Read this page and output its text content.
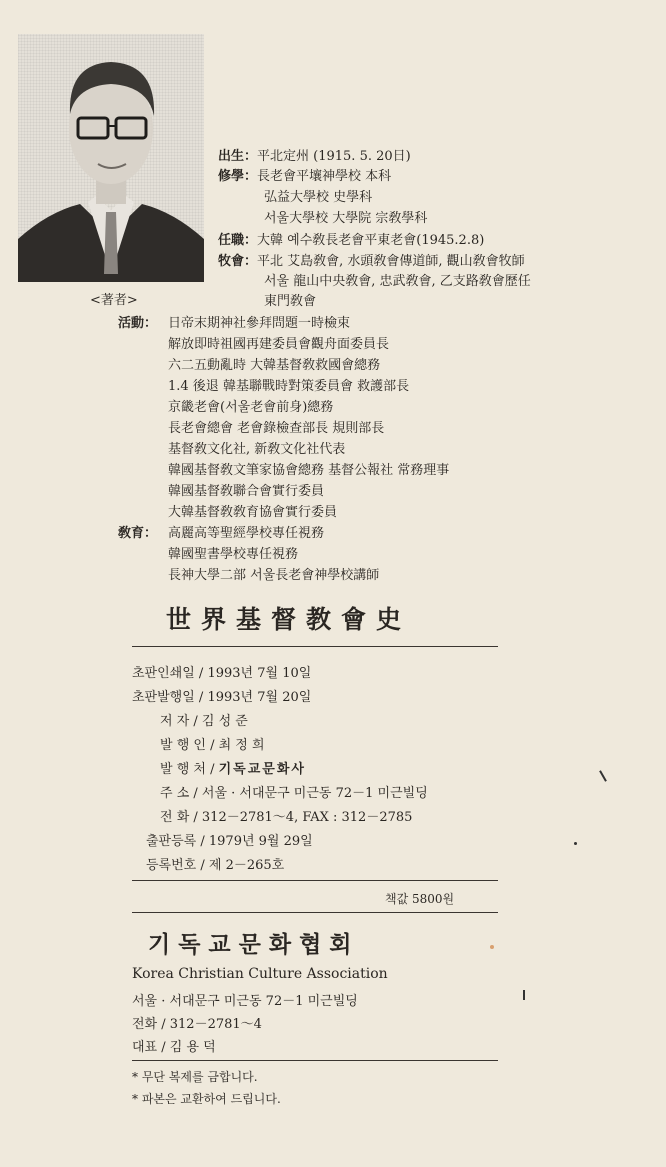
出生：平北定州 (1915. 5. 20日)
修學：長老會平壤神學校 本科
弘益大學校 史學科
서울大學校 大學院 宗敎學科
任職：大韓 예수敎長老會平東老會(1945.2.8)
牧會：平北 艾島敎會, 水頭敎會傳道師, 觀山敎會牧師
서울 龍山中央敎會, 忠武敎會, 乙支路敎會歷任
東門敎會
<著者>
活動： 日帝末期神社參拜問題一時檢束
解放即時祖國再建委員會觀舟面委員長
六二五動亂時 大韓基督敎救國會總務
1.4 後退 韓基聯戰時對策委員會 救護部長
京畿老會(서울老會前身)總務
長老會總會 老會錄檢查部長 規則部長
基督敎文化社, 新敎文化社代表
韓國基督敎文筆家協會總務 基督公報社 常務理事
韓國基督敎聯合會實行委員
大韓基督敎敎育協會實行委員
敎育： 高麗高等聖經學校專任視務
韓國聖書學校專任視務
長神大學二部 서울長老會神學校講師
世界基督教會史
초판인쇄일 / 1993년 7월 10일
초판발행일 / 1993년 7월 20일
저 자 / 김 성 준
발 행 인 / 최 정 희
발 행 처 / 기독교문화사
주 소 / 서울 · 서대문구 미근동 72－1 미근빌딩
전 화 / 312－2781～4, FAX : 312－2785
출판등록 / 1979년 9월 29일
등록번호 / 제 2－265호
책값 5800원
기독교문화협회
Korea Christian Culture Association
서울 · 서대문구 미근동 72－1 미근빌딩
전화 / 312－2781～4
대표 / 김 용 덕
* 무단 복제를 금합니다.
* 파본은 교환하여 드립니다.
